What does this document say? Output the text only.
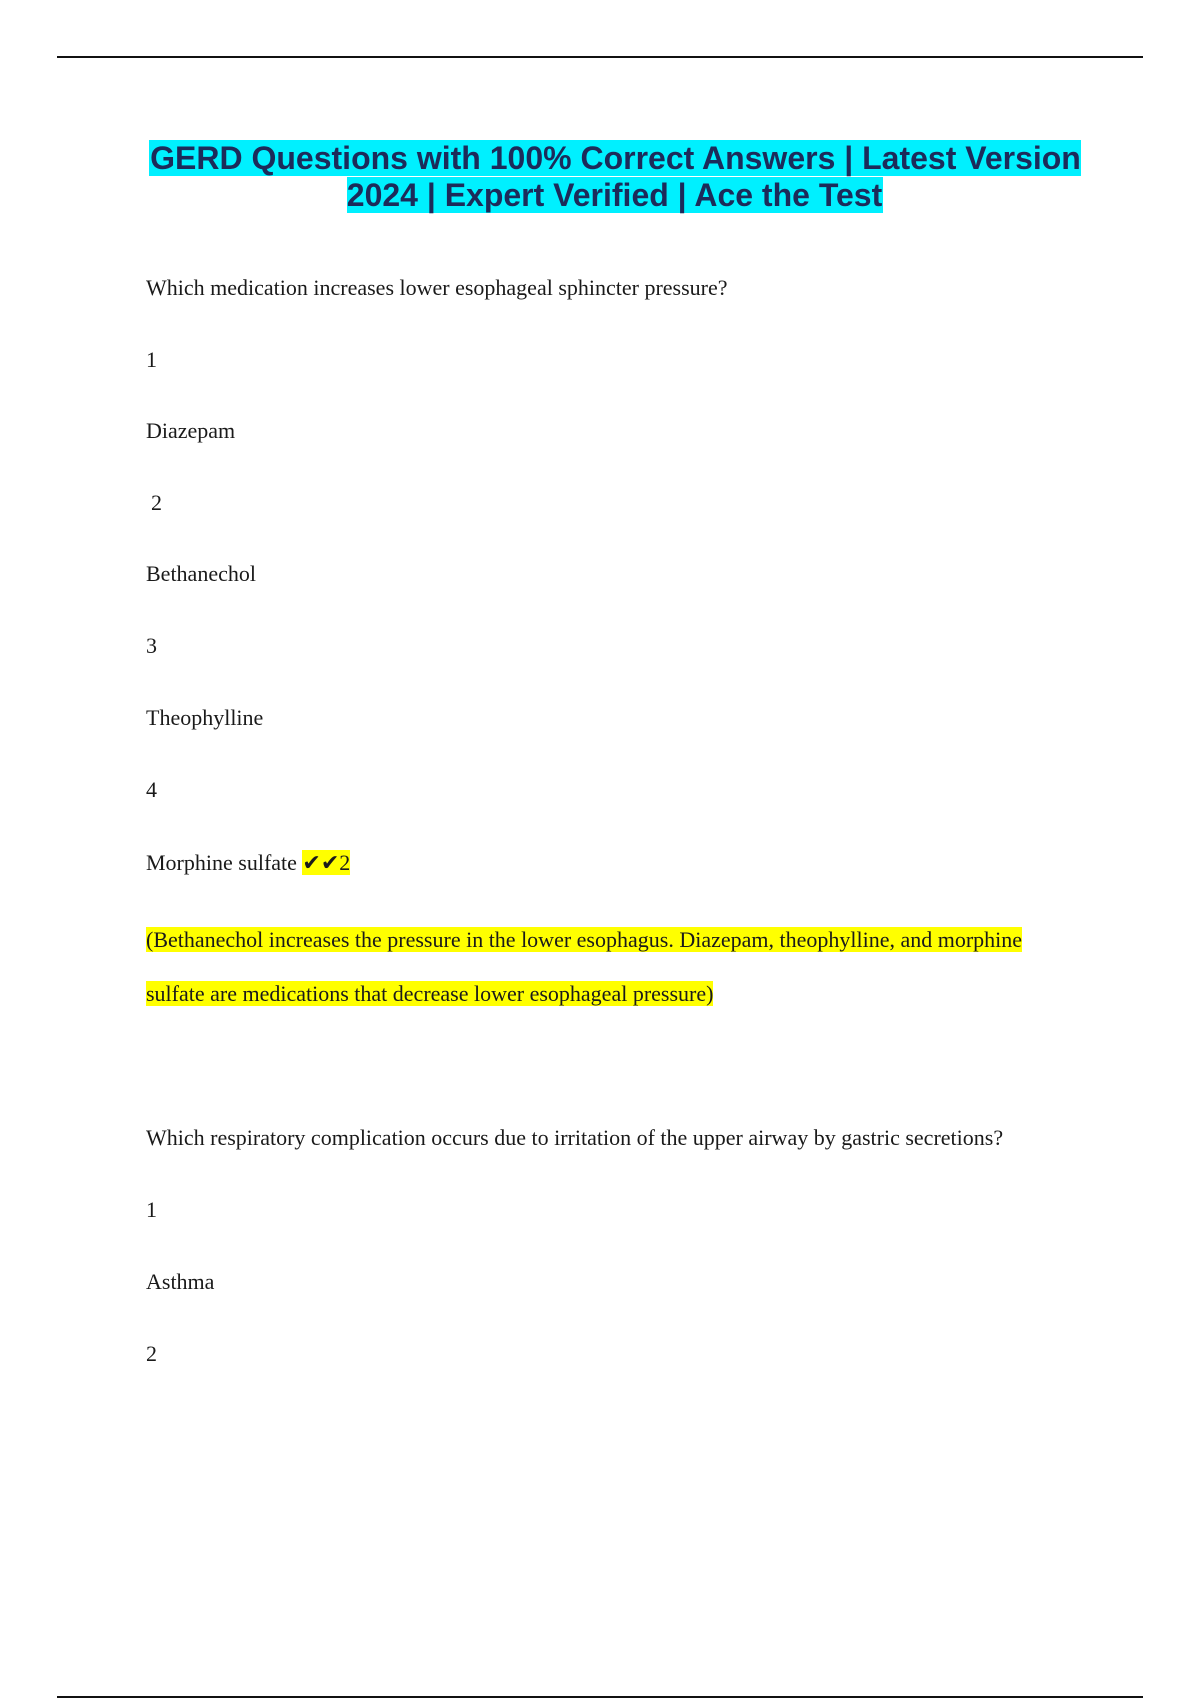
GERD Questions with 100% Correct Answers | Latest Version 2024 | Expert Verified | Ace the Test
Which medication increases lower esophageal sphincter pressure?
1
Diazepam
2
Bethanechol
3
Theophylline
4
Morphine sulfate ✔✔2
(Bethanechol increases the pressure in the lower esophagus. Diazepam, theophylline, and morphine sulfate are medications that decrease lower esophageal pressure)
Which respiratory complication occurs due to irritation of the upper airway by gastric secretions?
1
Asthma
2
